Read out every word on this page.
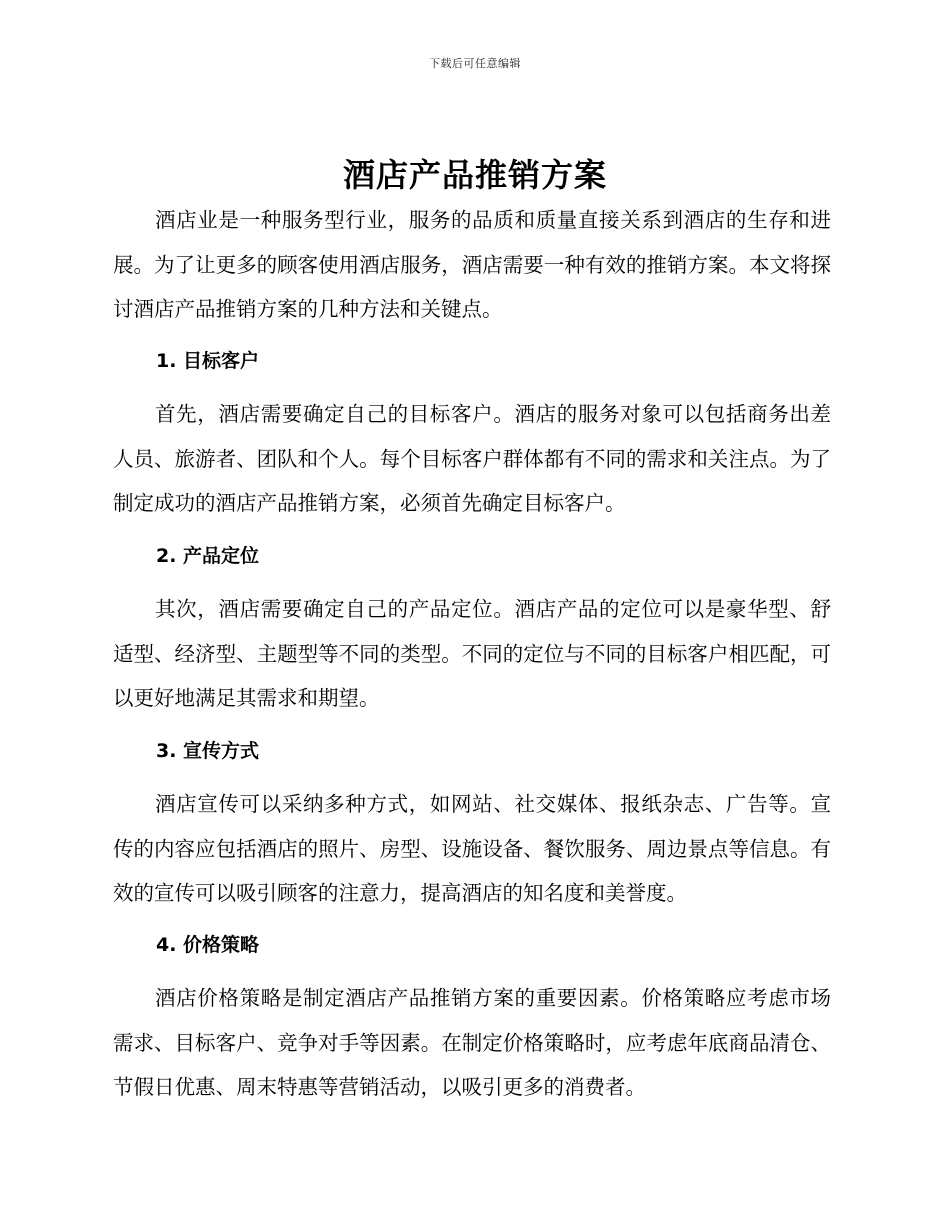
下载后可任意编辑
酒店产品推销方案
酒店业是一种服务型行业，服务的品质和质量直接关系到酒店的生存和进展。为了让更多的顾客使用酒店服务，酒店需要一种有效的推销方案。本文将探讨酒店产品推销方案的几种方法和关键点。
1. 目标客户
首先，酒店需要确定自己的目标客户。酒店的服务对象可以包括商务出差人员、旅游者、团队和个人。每个目标客户群体都有不同的需求和关注点。为了制定成功的酒店产品推销方案，必须首先确定目标客户。
2. 产品定位
其次，酒店需要确定自己的产品定位。酒店产品的定位可以是豪华型、舒适型、经济型、主题型等不同的类型。不同的定位与不同的目标客户相匹配，可以更好地满足其需求和期望。
3. 宣传方式
酒店宣传可以采纳多种方式，如网站、社交媒体、报纸杂志、广告等。宣传的内容应包括酒店的照片、房型、设施设备、餐饮服务、周边景点等信息。有效的宣传可以吸引顾客的注意力，提高酒店的知名度和美誉度。
4. 价格策略
酒店价格策略是制定酒店产品推销方案的重要因素。价格策略应考虑市场需求、目标客户、竞争对手等因素。在制定价格策略时，应考虑年底商品清仓、节假日优惠、周末特惠等营销活动，以吸引更多的消费者。
